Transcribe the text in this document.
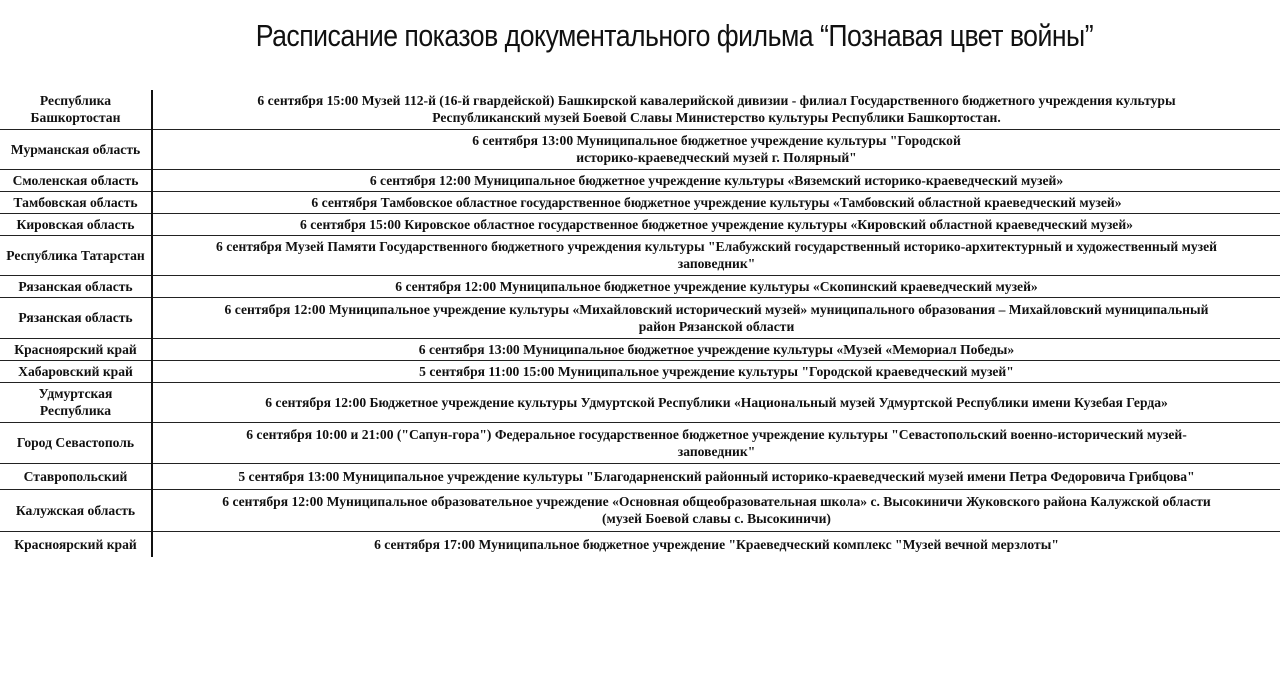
Расписание показов документального фильма “Познавая цвет войны”
Республика Башкортостан	6 сентября 15:00 Музей 112-й (16-й гвардейской) Башкирской кавалерийской дивизии - филиал Государственного бюджетного учреждения культуры
Республиканский музей Боевой Славы Министерство культуры Республики Башкортостан.

Мурманская область	6 сентября 13:00 Муниципальное бюджетное учреждение культуры "Городской
историко-краеведческий музей г. Полярный"

Смоленская область	6 сентября 12:00 Муниципальное бюджетное учреждение культуры «Вяземский историко-краеведческий музей»

Тамбовская область	6 сентября Тамбовское областное государственное бюджетное учреждение культуры «Тамбовский областной краеведческий музей»

Кировская область	6 сентября 15:00 Кировское областное государственное бюджетное учреждение культуры «Кировский областной краеведческий музей»

Республика Татарстан	6 сентября Музей Памяти Государственного бюджетного учреждения культуры "Елабужский государственный историко-архитектурный и художественный музей
заповедник"

Рязанская область	6 сентября 12:00 Муниципальное бюджетное учреждение культуры «Скопинский краеведческий музей»

Рязанская область	6 сентября 12:00 Муниципальное учреждение культуры «Михайловский исторический музей» муниципального образования – Михайловский муниципальный
район Рязанской области

Красноярский край	6 сентября 13:00 Муниципальное бюджетное учреждение культуры «Музей «Мемориал Победы»

Хабаровский край	5 сентября 11:00 15:00 Муниципальное учреждение культуры "Городской краеведческий музей"

Удмуртская Республика	6 сентября 12:00 Бюджетное учреждение культуры Удмуртской Республики «Национальный музей Удмуртской Республики имени Кузебая Герда»

Город Севастополь	6 сентября 10:00 и 21:00 ("Сапун-гора") Федеральное государственное бюджетное учреждение культуры "Севастопольский военно-исторический музей-
заповедник"

Ставропольский	5 сентября 13:00 Муниципальное учреждение культуры "Благодарненский районный историко-краеведческий музей имени Петра Федоровича Грибцова"

Калужская область	6 сентября 12:00 Муниципальное образовательное учреждение «Основная общеобразовательная школа» с. Высокиничи Жуковского района Калужской области
(музей Боевой славы с. Высокиничи)

Красноярский край	6 сентября 17:00 Муниципальное бюджетное учреждение "Краеведческий комплекс "Музей вечной мерзлоты"
